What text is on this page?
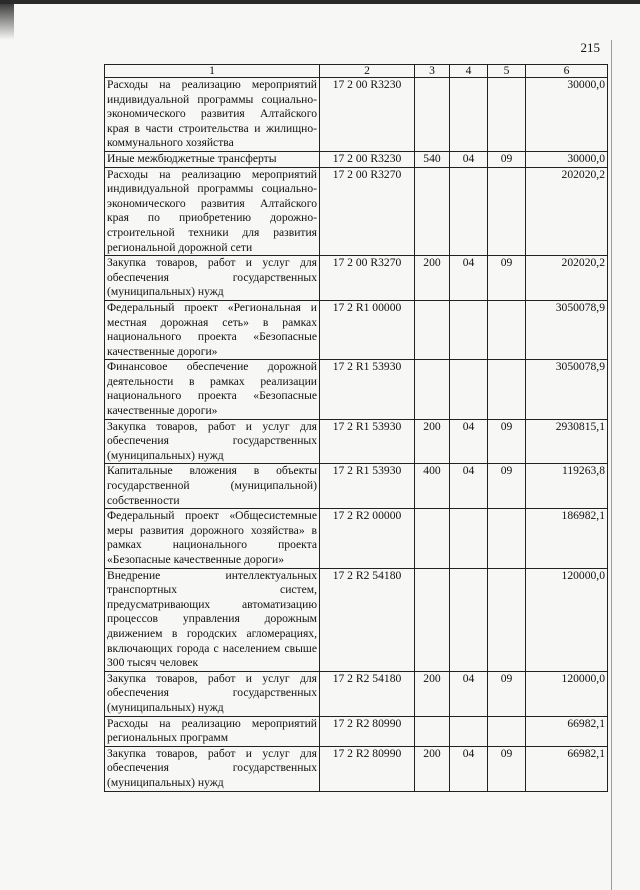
215
1	2	3	4	5	6
Расходы на реализацию мероприятий индивидуальной программы социально-экономического развития Алтайского края в части строительства и жилищно-коммунального хозяйства	17 2 00 R3230				30000,0
Иные межбюджетные трансферты	17 2 00 R3230	540	04	09	30000,0
Расходы на реализацию мероприятий индивидуальной программы социально-экономического развития Алтайского края по приобретению дорожно-строительной техники для развития региональной дорожной сети	17 2 00 R3270				202020,2
Закупка товаров, работ и услуг для обеспечения государственных (муниципальных) нужд	17 2 00 R3270	200	04	09	202020,2
Федеральный проект «Региональная и местная дорожная сеть» в рамках национального проекта «Безопасные качественные дороги»	17 2 R1 00000				3050078,9
Финансовое обеспечение дорожной деятельности в рамках реализации национального проекта «Безопасные качественные дороги»	17 2 R1 53930				3050078,9
Закупка товаров, работ и услуг для обеспечения государственных (муниципальных) нужд	17 2 R1 53930	200	04	09	2930815,1
Капитальные вложения в объекты государственной (муниципальной) собственности	17 2 R1 53930	400	04	09	119263,8
Федеральный проект «Общесистемные меры развития дорожного хозяйства» в рамках национального проекта «Безопасные качественные дороги»	17 2 R2 00000				186982,1
Внедрение интеллектуальных транспортных систем, предусматривающих автоматизацию процессов управления дорожным движением в городских агломерациях, включающих города с населением свыше 300 тысяч человек	17 2 R2 54180				120000,0
Закупка товаров, работ и услуг для обеспечения государственных (муниципальных) нужд	17 2 R2 54180	200	04	09	120000,0
Расходы на реализацию мероприятий региональных программ	17 2 R2 80990				66982,1
Закупка товаров, работ и услуг для обеспечения государственных (муниципальных) нужд	17 2 R2 80990	200	04	09	66982,1
